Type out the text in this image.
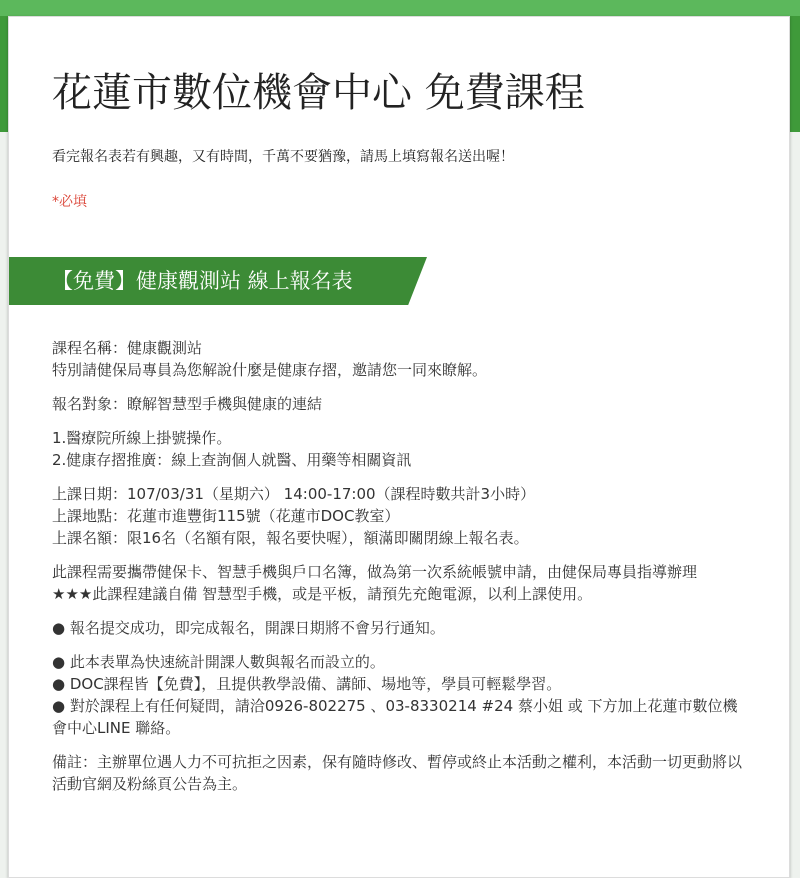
花蓮市數位機會中心 免費課程
看完報名表若有興趣，又有時間，千萬不要猶豫，請馬上填寫報名送出喔！
*必填
【免費】健康觀測站 線上報名表
課程名稱：健康觀測站
特別請健保局專員為您解說什麼是健康存摺，邀請您一同來瞭解。
報名對象：瞭解智慧型手機與健康的連結
1.醫療院所線上掛號操作。
2.健康存摺推廣：線上查詢個人就醫、用藥等相關資訊
上課日期：107/03/31（星期六） 14:00-17:00（課程時數共計3小時）
上課地點：花蓮市進豐街115號（花蓮市DOC教室）
上課名額：限16名（名額有限，報名要快喔），額滿即關閉線上報名表。
此課程需要攜帶健保卡、智慧手機與戶口名簿，做為第一次系統帳號申請，由健保局專員指導辦理
★★★此課程建議自備 智慧型手機，或是平板，請預先充飽電源，以利上課使用。
● 報名提交成功，即完成報名，開課日期將不會另行通知。
● 此本表單為快速統計開課人數與報名而設立的。
● DOC課程皆【免費】，且提供教學設備、講師、場地等，學員可輕鬆學習。
● 對於課程上有任何疑問，請洽0926-802275 、03-8330214 #24 蔡小姐 或 下方加上花蓮市數位機會中心LINE 聯絡。
備註：主辦單位遇人力不可抗拒之因素，保有隨時修改、暫停或終止本活動之權利，本活動一切更動將以活動官網及粉絲頁公告為主。
